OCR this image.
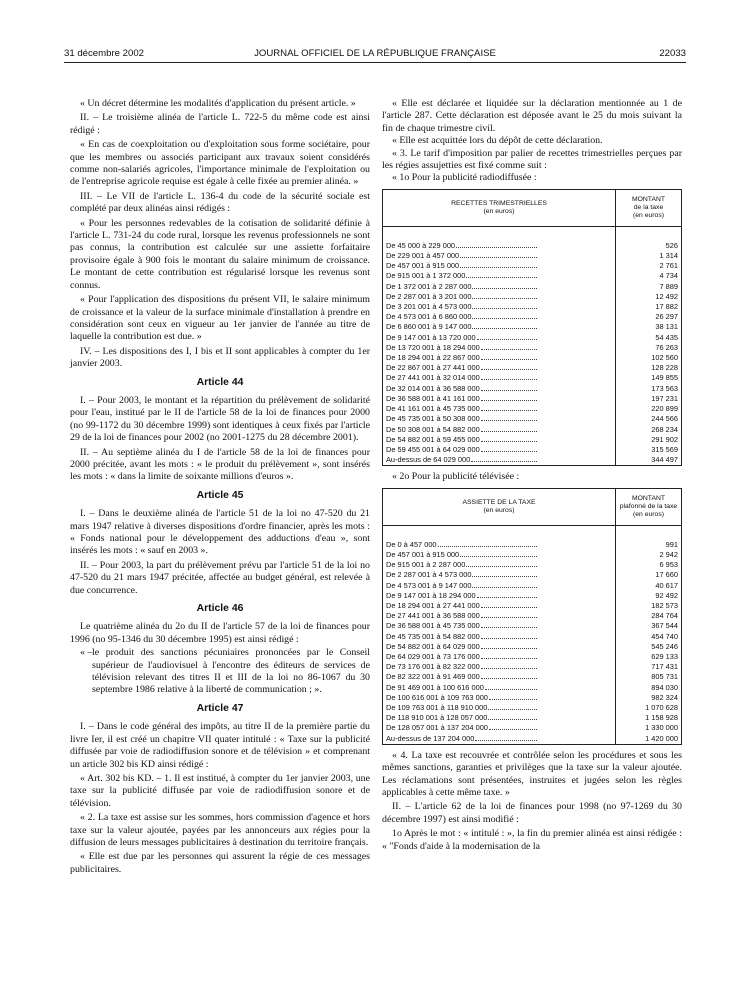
31 décembre 2002	JOURNAL OFFICIEL DE LA RÉPUBLIQUE FRANÇAISE	22033

« Un décret détermine les modalités d'application du présent article. »

II. – Le troisième alinéa de l'article L. 722-5 du même code est ainsi rédigé :

« En cas de coexploitation ou d'exploitation sous forme sociétaire, pour que les membres ou associés participant aux travaux soient considérés comme non-salariés agricoles, l'importance minimale de l'exploitation ou de l'entreprise agricole requise est égale à celle fixée au premier alinéa. »

III. – Le VII de l'article L. 136-4 du code de la sécurité sociale est complété par deux alinéas ainsi rédigés :

« Pour les personnes redevables de la cotisation de solidarité définie à l'article L. 731-24 du code rural, lorsque les revenus professionnels ne sont pas connus, la contribution est calculée sur une assiette forfaitaire provisoire égale à 900 fois le montant du salaire minimum de croissance. Le montant de cette contribution est régularisé lorsque les revenus sont connus.

« Pour l'application des dispositions du présent VII, le salaire minimum de croissance et la valeur de la surface minimale d'installation à prendre en considération sont ceux en vigueur au 1er janvier de l'année au titre de laquelle la contribution est due. »

IV. – Les dispositions des I, I bis et II sont applicables à compter du 1er janvier 2003.

Article 44

I. – Pour 2003, le montant et la répartition du prélèvement de solidarité pour l'eau, institué par le II de l'article 58 de la loi de finances pour 2000 (no 99-1172 du 30 décembre 1999) sont identiques à ceux fixés par l'article 29 de la loi de finances pour 2002 (no 2001-1275 du 28 décembre 2001).

II. – Au septième alinéa du I de l'article 58 de la loi de finances pour 2000 précitée, avant les mots : « le produit du prélèvement », sont insérés les mots : « dans la limite de soixante millions d'euros ».

Article 45

I. – Dans le deuxième alinéa de l'article 51 de la loi no 47-520 du 21 mars 1947 relative à diverses dispositions d'ordre financier, après les mots : « Fonds national pour le développement des adductions d'eau », sont insérés les mots : « sauf en 2003 ».

II. – Pour 2003, la part du prélèvement prévu par l'article 51 de la loi no 47-520 du 21 mars 1947 précitée, affectée au budget général, est relevée à due concurrence.

Article 46

Le quatrième alinéa du 2o du II de l'article 57 de la loi de finances pour 1996 (no 95-1346 du 30 décembre 1995) est ainsi rédigé :

« – le produit des sanctions pécuniaires prononcées par le Conseil supérieur de l'audiovisuel à l'encontre des éditeurs de services de télévision relevant des titres II et III de la loi no 86-1067 du 30 septembre 1986 relative à la liberté de communication ; ».

Article 47

I. – Dans le code général des impôts, au titre II de la première partie du livre Ier, il est créé un chapitre VII quater intitulé : « Taxe sur la publicité diffusée par voie de radiodiffusion sonore et de télévision » et comprenant un article 302 bis KD ainsi rédigé :

« Art. 302 bis KD. – 1. Il est institué, à compter du 1er janvier 2003, une taxe sur la publicité diffusée par voie de radiodiffusion sonore et de télévision.

« 2. La taxe est assise sur les sommes, hors commission d'agence et hors taxe sur la valeur ajoutée, payées par les annonceurs aux régies pour la diffusion de leurs messages publicitaires à destination du territoire français.

« Elle est due par les personnes qui assurent la régie de ces messages publicitaires.

« Elle est déclarée et liquidée sur la déclaration mentionnée au 1 de l'article 287. Cette déclaration est déposée avant le 25 du mois suivant la fin de chaque trimestre civil.

« Elle est acquittée lors du dépôt de cette déclaration.

« 3. Le tarif d'imposition par palier de recettes trimestrielles perçues par les régies assujetties est fixé comme suit :

« 1o Pour la publicité radiodiffusée :

RECETTES TRIMESTRIELLES
(en euros)	MONTANT
de la taxe
(en euros)

De 45 000 à 229 000	526
De 229 001 à 457 000	1 314
De 457 001 à 915 000	2 761
De 915 001 à 1 372 000	4 734
De 1 372 001 à 2 287 000	7 889
De 2 287 001 à 3 201 000	12 492
De 3 201 001 à 4 573 000	17 882
De 4 573 001 à 6 860 000	26 297
De 6 860 001 à 9 147 000	38 131
De 9 147 001 à 13 720 000	54 435
De 13 720 001 à 18 294 000	76 263
De 18 294 001 à 22 867 000	102 560
De 22 867 001 à 27 441 000	128 228
De 27 441 001 à 32 014 000	149 855
De 32 014 001 à 36 588 000	173 563
De 36 588 001 à 41 161 000	197 231
De 41 161 001 à 45 735 000	220 899
De 45 735 001 à 50 308 000	244 566
De 50 308 001 à 54 882 000	268 234
De 54 882 001 à 59 455 000	291 902
De 59 455 001 à 64 029 000	315 569
Au-dessus de 64 029 000	344 497

« 2o Pour la publicité télévisée :

ASSIETTE DE LA TAXE
(en euros)	MONTANT
plafonné de la taxe
(en euros)

De 0 à 457 000	991
De 457 001 à 915 000	2 942
De 915 001 à 2 287 000	6 953
De 2 287 001 à 4 573 000	17 660
De 4 573 001 à 9 147 000	40 617
De 9 147 001 à 18 294 000	92 492
De 18 294 001 à 27 441 000	182 573
De 27 441 001 à 36 588 000	284 764
De 36 588 001 à 45 735 000	367 544
De 45 735 001 à 54 882 000	454 740
De 54 882 001 à 64 029 000	545 246
De 64 029 001 à 73 176 000	629 133
De 73 176 001 à 82 322 000	717 431
De 82 322 001 à 91 469 000	805 731
De 91 469 001 à 100 616 000	894 030
De 100 616 001 à 109 763 000	982 324
De 109 763 001 à 118 910 000	1 070 628
De 118 910 001 à 128 057 000	1 158 928
De 128 057 001 à 137 204 000	1 330 000
Au-dessus de 137 204 000	1 420 000

« 4. La taxe est recouvrée et contrôlée selon les procédures et sous les mêmes sanctions, garanties et privilèges que la taxe sur la valeur ajoutée. Les réclamations sont présentées, instruites et jugées selon les règles applicables à cette même taxe. »

II. – L'article 62 de la loi de finances pour 1998 (no 97-1269 du 30 décembre 1997) est ainsi modifié :

1o Après le mot : « intitulé : », la fin du premier alinéa est ainsi rédigée : « "Fonds d'aide à la modernisation de la
